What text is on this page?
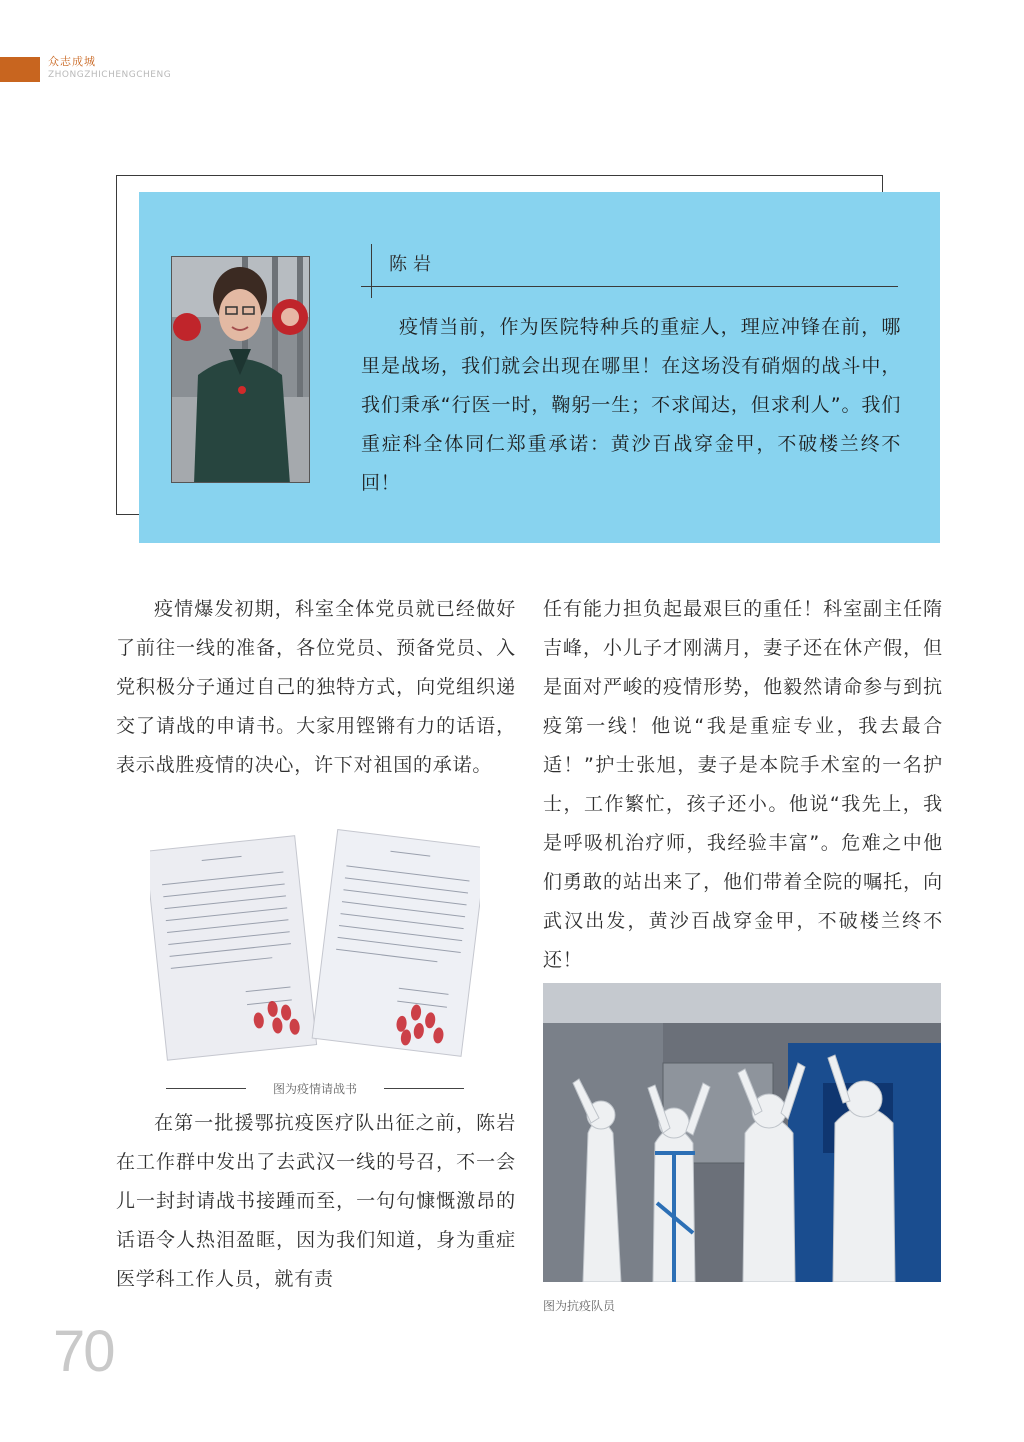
众志成城
ZHONGZHICHENGCHENG
陈岩
疫情当前，作为医院特种兵的重症人，理应冲锋在前，哪里是战场，我们就会出现在哪里！在这场没有硝烟的战斗中，我们秉承“行医一时，鞠躬一生；不求闻达，但求利人”。我们重症科全体同仁郑重承诺：黄沙百战穿金甲，不破楼兰终不回！
疫情爆发初期，科室全体党员就已经做好了前往一线的准备，各位党员、预备党员、入党积极分子通过自己的独特方式，向党组织递交了请战的申请书。大家用铿锵有力的话语，表示战胜疫情的决心，许下对祖国的承诺。
任有能力担负起最艰巨的重任！科室副主任隋吉峰，小儿子才刚满月，妻子还在休产假，但是面对严峻的疫情形势，他毅然请命参与到抗疫第一线！他说“我是重症专业，我去最合适！”护士张旭，妻子是本院手术室的一名护士，工作繁忙，孩子还小。他说“我先上，我是呼吸机治疗师，我经验丰富”。危难之中他们勇敢的站出来了，他们带着全院的嘱托，向武汉出发，黄沙百战穿金甲，不破楼兰终不还！
在第一批援鄂抗疫医疗队出征之前，陈岩在工作群中发出了去武汉一线的号召，不一会儿一封封请战书接踵而至，一句句慷慨激昂的话语令人热泪盈眶，因为我们知道，身为重症医学科工作人员，就有责
图为疫情请战书
图为抗疫队员
70
